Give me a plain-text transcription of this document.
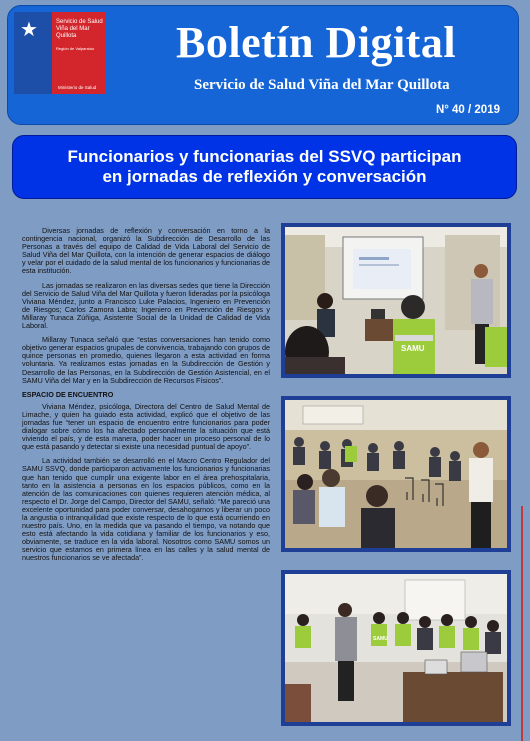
★	Servicio de Salud
Viña del Mar
Quillota
Región de Valparaíso
Ministerio de Salud
Boletín Digital
Servicio de Salud Viña del Mar Quillota
N° 40 / 2019
Funcionarios y funcionarias del SSVQ participan
en jornadas de reflexión y conversación

Diversas jornadas de reflexión y conversación en torno a la contingencia nacional, organizó la Subdirección de Desarrollo de las Personas a través del equipo de Calidad de Vida Laboral del Servicio de Salud Viña del Mar Quillota, con la intención de generar espacios de diálogo y velar por el cuidado de la salud mental de los funcionarios y funcionarias de esta institución.

Las jornadas se realizaron en las diversas sedes que tiene la Dirección del Servicio de Salud Viña del Mar Quillota y fueron lideradas por la psicóloga Viviana Méndez, junto a Francisco Luke Palacios, Ingeniero en Prevención de Riesgos; Carlos Zamora Labra; Ingeniero en Prevención de Riesgos y Millaray Tunaca Zúñiga, Asistente Social de la Unidad de Calidad de Vida Laboral.

Millaray Tunaca señaló que “estas conversaciones han tenido como objetivo generar espacios grupales de convivencia, trabajando con grupos de quince personas en promedio, quienes llegaron a esta actividad en forma voluntaria. Ya realizamos estas jornadas en la Subdirección de Gestión y Desarrollo de las Personas, en la Subdirección de Gestión Asistencial, en el SAMU Viña del Mar y en la Subdirección de Recursos Físicos”.

ESPACIO DE ENCUENTRO

Viviana Méndez, psicóloga, Directora del Centro de Salud Mental de Limache, y quien ha guiado esta actividad, explicó que el objetivo de las jornadas fue “tener un espacio de encuentro entre funcionarios para poder dialogar sobre cómo los ha afectado personalmente la situación que está viviendo el país, y de esta manera, poder hacer un proceso personal de lo que está pasando y detectar si existe una necesidad puntual de apoyo”.

La actividad también se desarrolló en el Macro Centro Regulador del SAMU SSVQ, donde participaron activamente los funcionarios y funcionarias que han tenido que cumplir una exigente labor en el área prehospitalaria, tanto en la asistencia a personas en los espacios públicos, como en la atención de las comunicaciones con quienes requieren atención médica, al respecto el Dr. Jorge del Campo, Director del SAMU, señaló: “Me pareció una excelente oportunidad para poder conversar, desahogarnos y liberar un poco la angustia o intranquilidad que existe respecto de lo que está ocurriendo en nuestro país. Uno, en la medida que va pasando el tiempo, va notando que esto está afectando la vida cotidiana y familiar de los funcionarios y eso, obviamente, se traduce en la vida laboral. Nosotros como SAMU somos un servicio que estamos en primera línea en las calles y la salud mental de nuestros funcionarios se ve afectada”.

SAMU
SAMU
